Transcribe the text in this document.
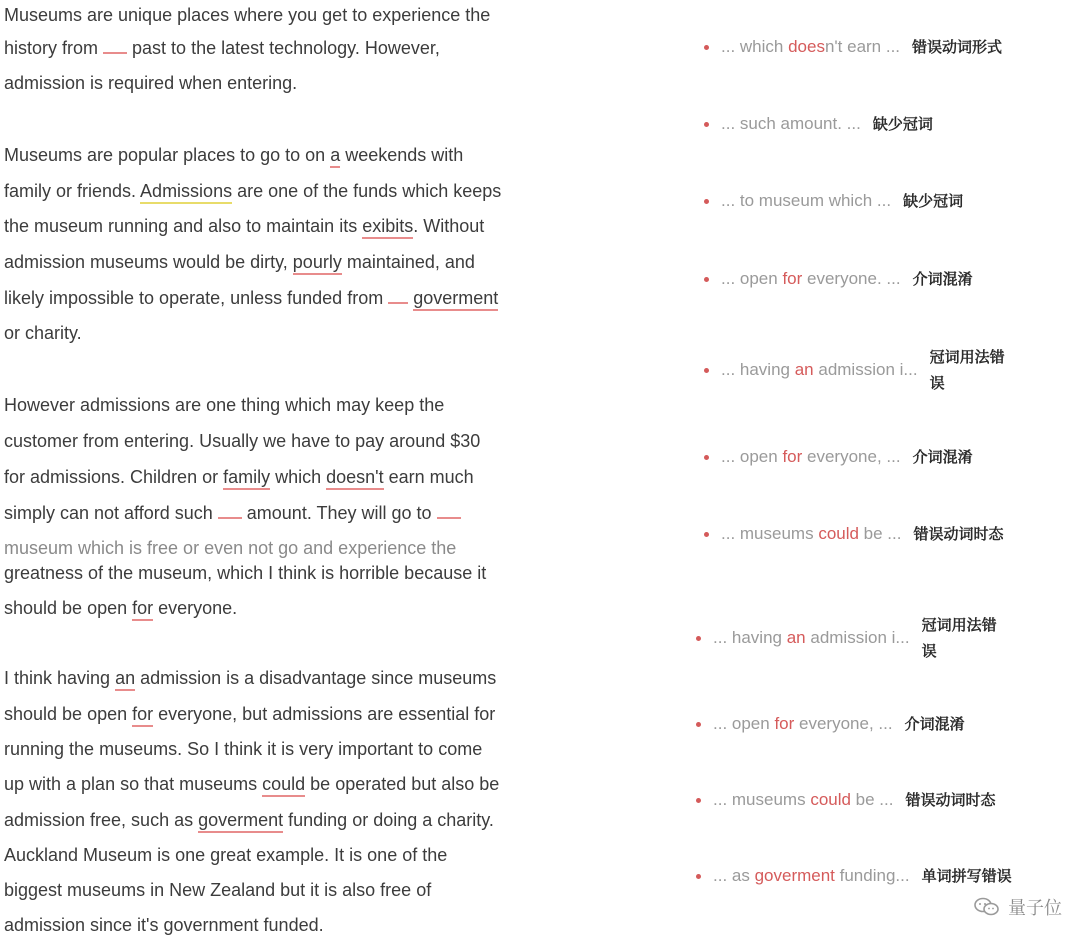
Museums are unique places where you get to experience the
history from  past to the latest technology. However,
admission is required when entering.
Museums are popular places to go to on a weekends with
family or friends. Admissions are one of the funds which keeps
the museum running and also to maintain its exibits. Without
admission museums would be dirty, pourly maintained, and
likely impossible to operate, unless funded from  goverment
or charity.
However admissions are one thing which may keep the
customer from entering. Usually we have to pay around $30
for admissions. Children or family which doesn't earn much
simply can not afford such  amount. They will go to
museum which is free or even not go and experience the
greatness of the museum, which I think is horrible because it
should be open for everyone.
I think having an admission is a disadvantage since museums
should be open for everyone, but admissions are essential for
running the museums. So I think it is very important to come
up with a plan so that museums could be operated but also be
admission free, such as goverment funding or doing a charity.
Auckland Museum is one great example. It is one of the
biggest museums in New Zealand but it is also free of
admission since it's government funded.
... which doesn't earn ... 错误动词形式
... such amount. ... 缺少冠词
... to museum which ... 缺少冠词
... open for everyone. ... 介词混淆
... having an admission i...
冠词用法错误
... open for everyone, ... 介词混淆
... museums could be ... 错误动词时态
... having an admission i...
冠词用法错误
... open for everyone, ... 介词混淆
... museums could be ... 错误动词时态
... as goverment funding... 单词拼写错误
量子位
